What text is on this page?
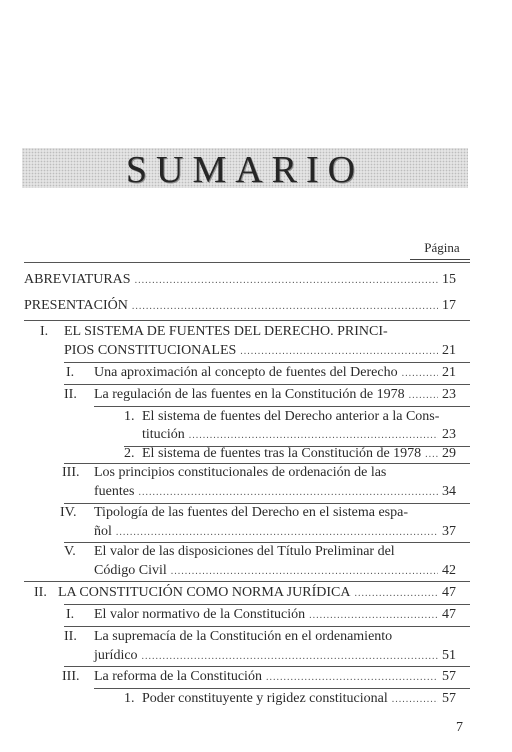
SUMARIO
Página
ABREVIATURAS .....	15
PRESENTACIÓN .....	17
I. EL SISTEMA DE FUENTES DEL DERECHO. PRINCI-
PIOS CONSTITUCIONALES .....	21
I. Una aproximación al concepto de fuentes del Derecho .....	21
II. La regulación de las fuentes en la Constitución de 1978 .....	23
1. El sistema de fuentes del Derecho anterior a la Cons-
titución .....	23
2. El sistema de fuentes tras la Constitución de 1978 ..... 29
III. Los principios constitucionales de ordenación de las
fuentes .....	34
IV. Tipología de las fuentes del Derecho en el sistema espa-
ñol .....	37
V. El valor de las disposiciones del Título Preliminar del
Código Civil .....	42
II. LA CONSTITUCIÓN COMO NORMA JURÍDICA .....	47
I. El valor normativo de la Constitución .....	47
II. La supremacía de la Constitución en el ordenamiento
jurídico .....	51
III. La reforma de la Constitución .....	57
1. Poder constituyente y rigidez constitucional .....	57
7
